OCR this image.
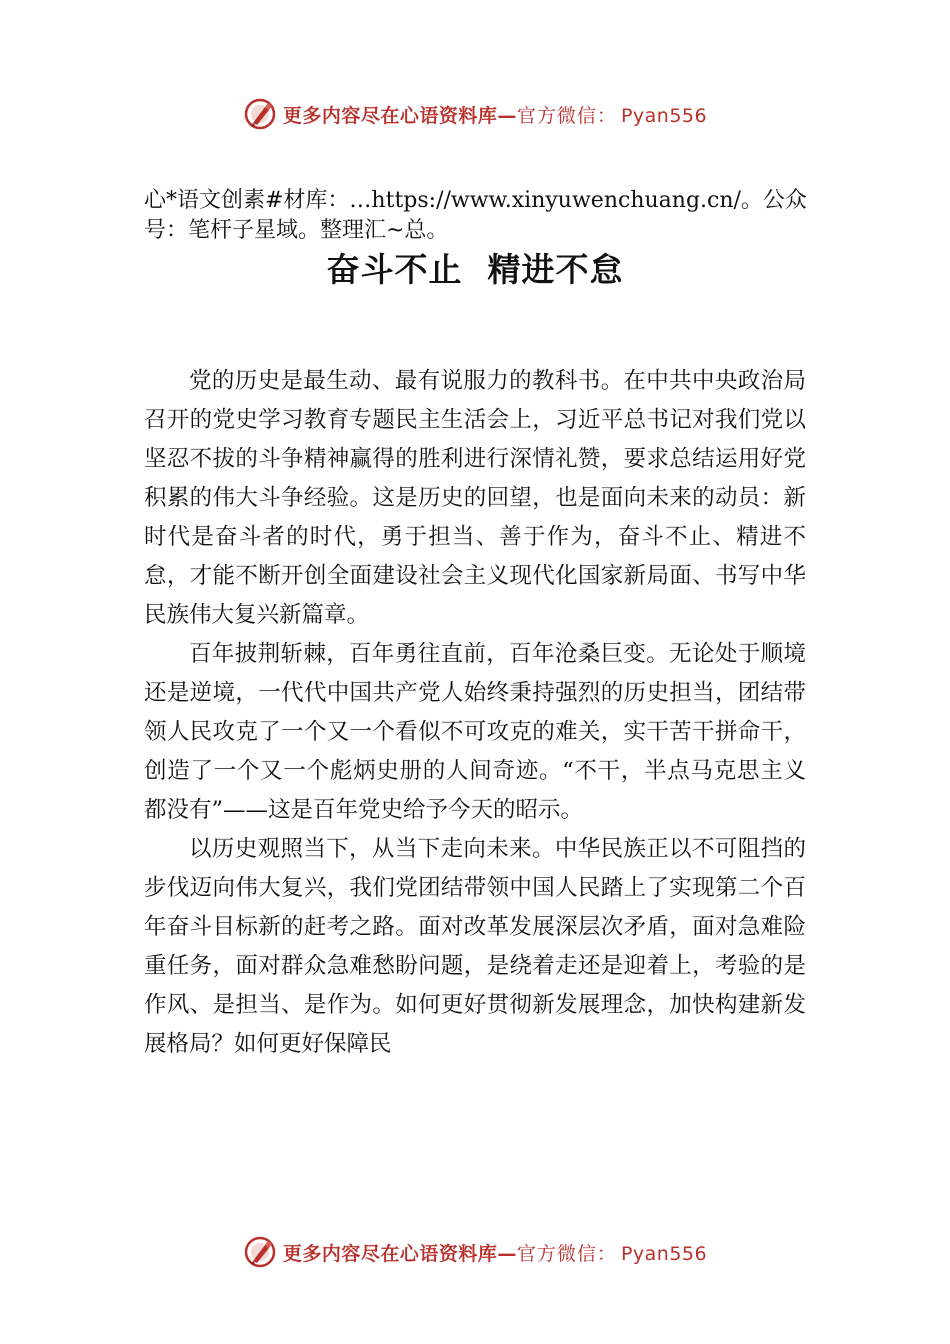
更多内容尽在心语资料库—官方微信： Pyan556
心*语文创素#材库：…https://www.xinyuwenchuang.cn/。公众号：笔杆子星域。整理汇~总。
奋斗不止  精进不怠

党的历史是最生动、最有说服力的教科书。在中共中央政治局召开的党史学习教育专题民主生活会上，习近平总书记对我们党以坚忍不拔的斗争精神赢得的胜利进行深情礼赞，要求总结运用好党积累的伟大斗争经验。这是历史的回望，也是面向未来的动员：新时代是奋斗者的时代，勇于担当、善于作为，奋斗不止、精进不怠，才能不断开创全面建设社会主义现代化国家新局面、书写中华民族伟大复兴新篇章。

百年披荆斩棘，百年勇往直前，百年沧桑巨变。无论处于顺境还是逆境，一代代中国共产党人始终秉持强烈的历史担当，团结带领人民攻克了一个又一个看似不可攻克的难关，实干苦干拼命干，创造了一个又一个彪炳史册的人间奇迹。“不干，半点马克思主义都没有”——这是百年党史给予今天的昭示。

以历史观照当下，从当下走向未来。中华民族正以不可阻挡的步伐迈向伟大复兴，我们党团结带领中国人民踏上了实现第二个百年奋斗目标新的赶考之路。面对改革发展深层次矛盾，面对急难险重任务，面对群众急难愁盼问题，是绕着走还是迎着上，考验的是作风、是担当、是作为。如何更好贯彻新发展理念，加快构建新发展格局？如何更好保障民

更多内容尽在心语资料库—官方微信： Pyan556
